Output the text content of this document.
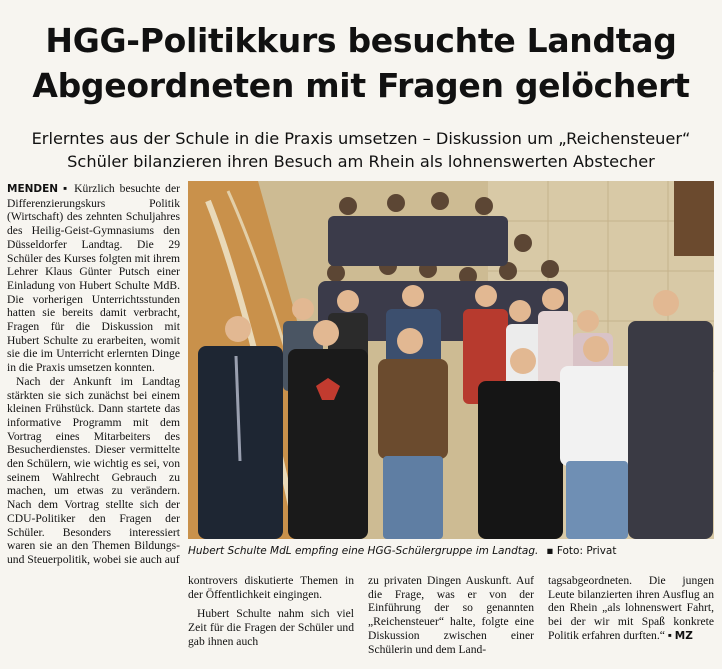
HGG-Politikkurs besuchte Landtag
Abgeordneten mit Fragen gelöchert
Erlerntes aus der Schule in die Praxis umsetzen – Diskussion um „Reichensteuer“
Schüler bilanzieren ihren Besuch am Rhein als lohnenswerten Abstecher

MENDEN ▪ Kürzlich besuchte der Differenzierungskurs Politik (Wirtschaft) des zehnten Schuljahres des Heilig-Geist-Gymnasiums den Düsseldorfer Landtag. Die 29 Schüler des Kurses folgten mit ihrem Lehrer Klaus Günter Putsch einer Einladung von Hubert Schulte MdB. Die vorherigen Unterrichtsstunden hatten sie bereits damit verbracht, Fragen für die Diskussion mit Hubert Schulte zu erarbeiten, womit sie die im Unterricht erlernten Dinge in die Praxis umsetzen konnten.

Nach der Ankunft im Landtag stärkten sie sich zunächst bei einem kleinen Frühstück. Dann startete das informative Programm mit dem Vortrag eines Mitarbeiters des Besucherdienstes. Dieser vermittelte den Schülern, wie wichtig es sei, von seinem Wahlrecht Gebrauch zu machen, um etwas zu verändern. Nach dem Vortrag stellte sich der CDU-Politiker den Fragen der Schüler. Besonders interessiert waren sie an den Themen Bildungs- und Steuerpolitik, wobei sie auch auf

Hubert Schulte MdL empfing eine HGG-Schülergruppe im Landtag. ▪ Foto: Privat

kontrovers diskutierte Themen in der Öffentlichkeit eingingen.

Hubert Schulte nahm sich viel Zeit für die Fragen der Schüler und gab ihnen auch

zu privaten Dingen Auskunft. Auf die Frage, was er von der Einführung der so genannten „Reichensteuer“ halte, folgte eine Diskussion zwischen einer Schülerin und dem Land-

tagsabgeordneten. Die jungen Leute bilanzierten ihren Ausflug an den Rhein „als lohnenswert Fahrt, bei der wir mit Spaß konkrete Politik erfahren durften.“ ▪ MZ
